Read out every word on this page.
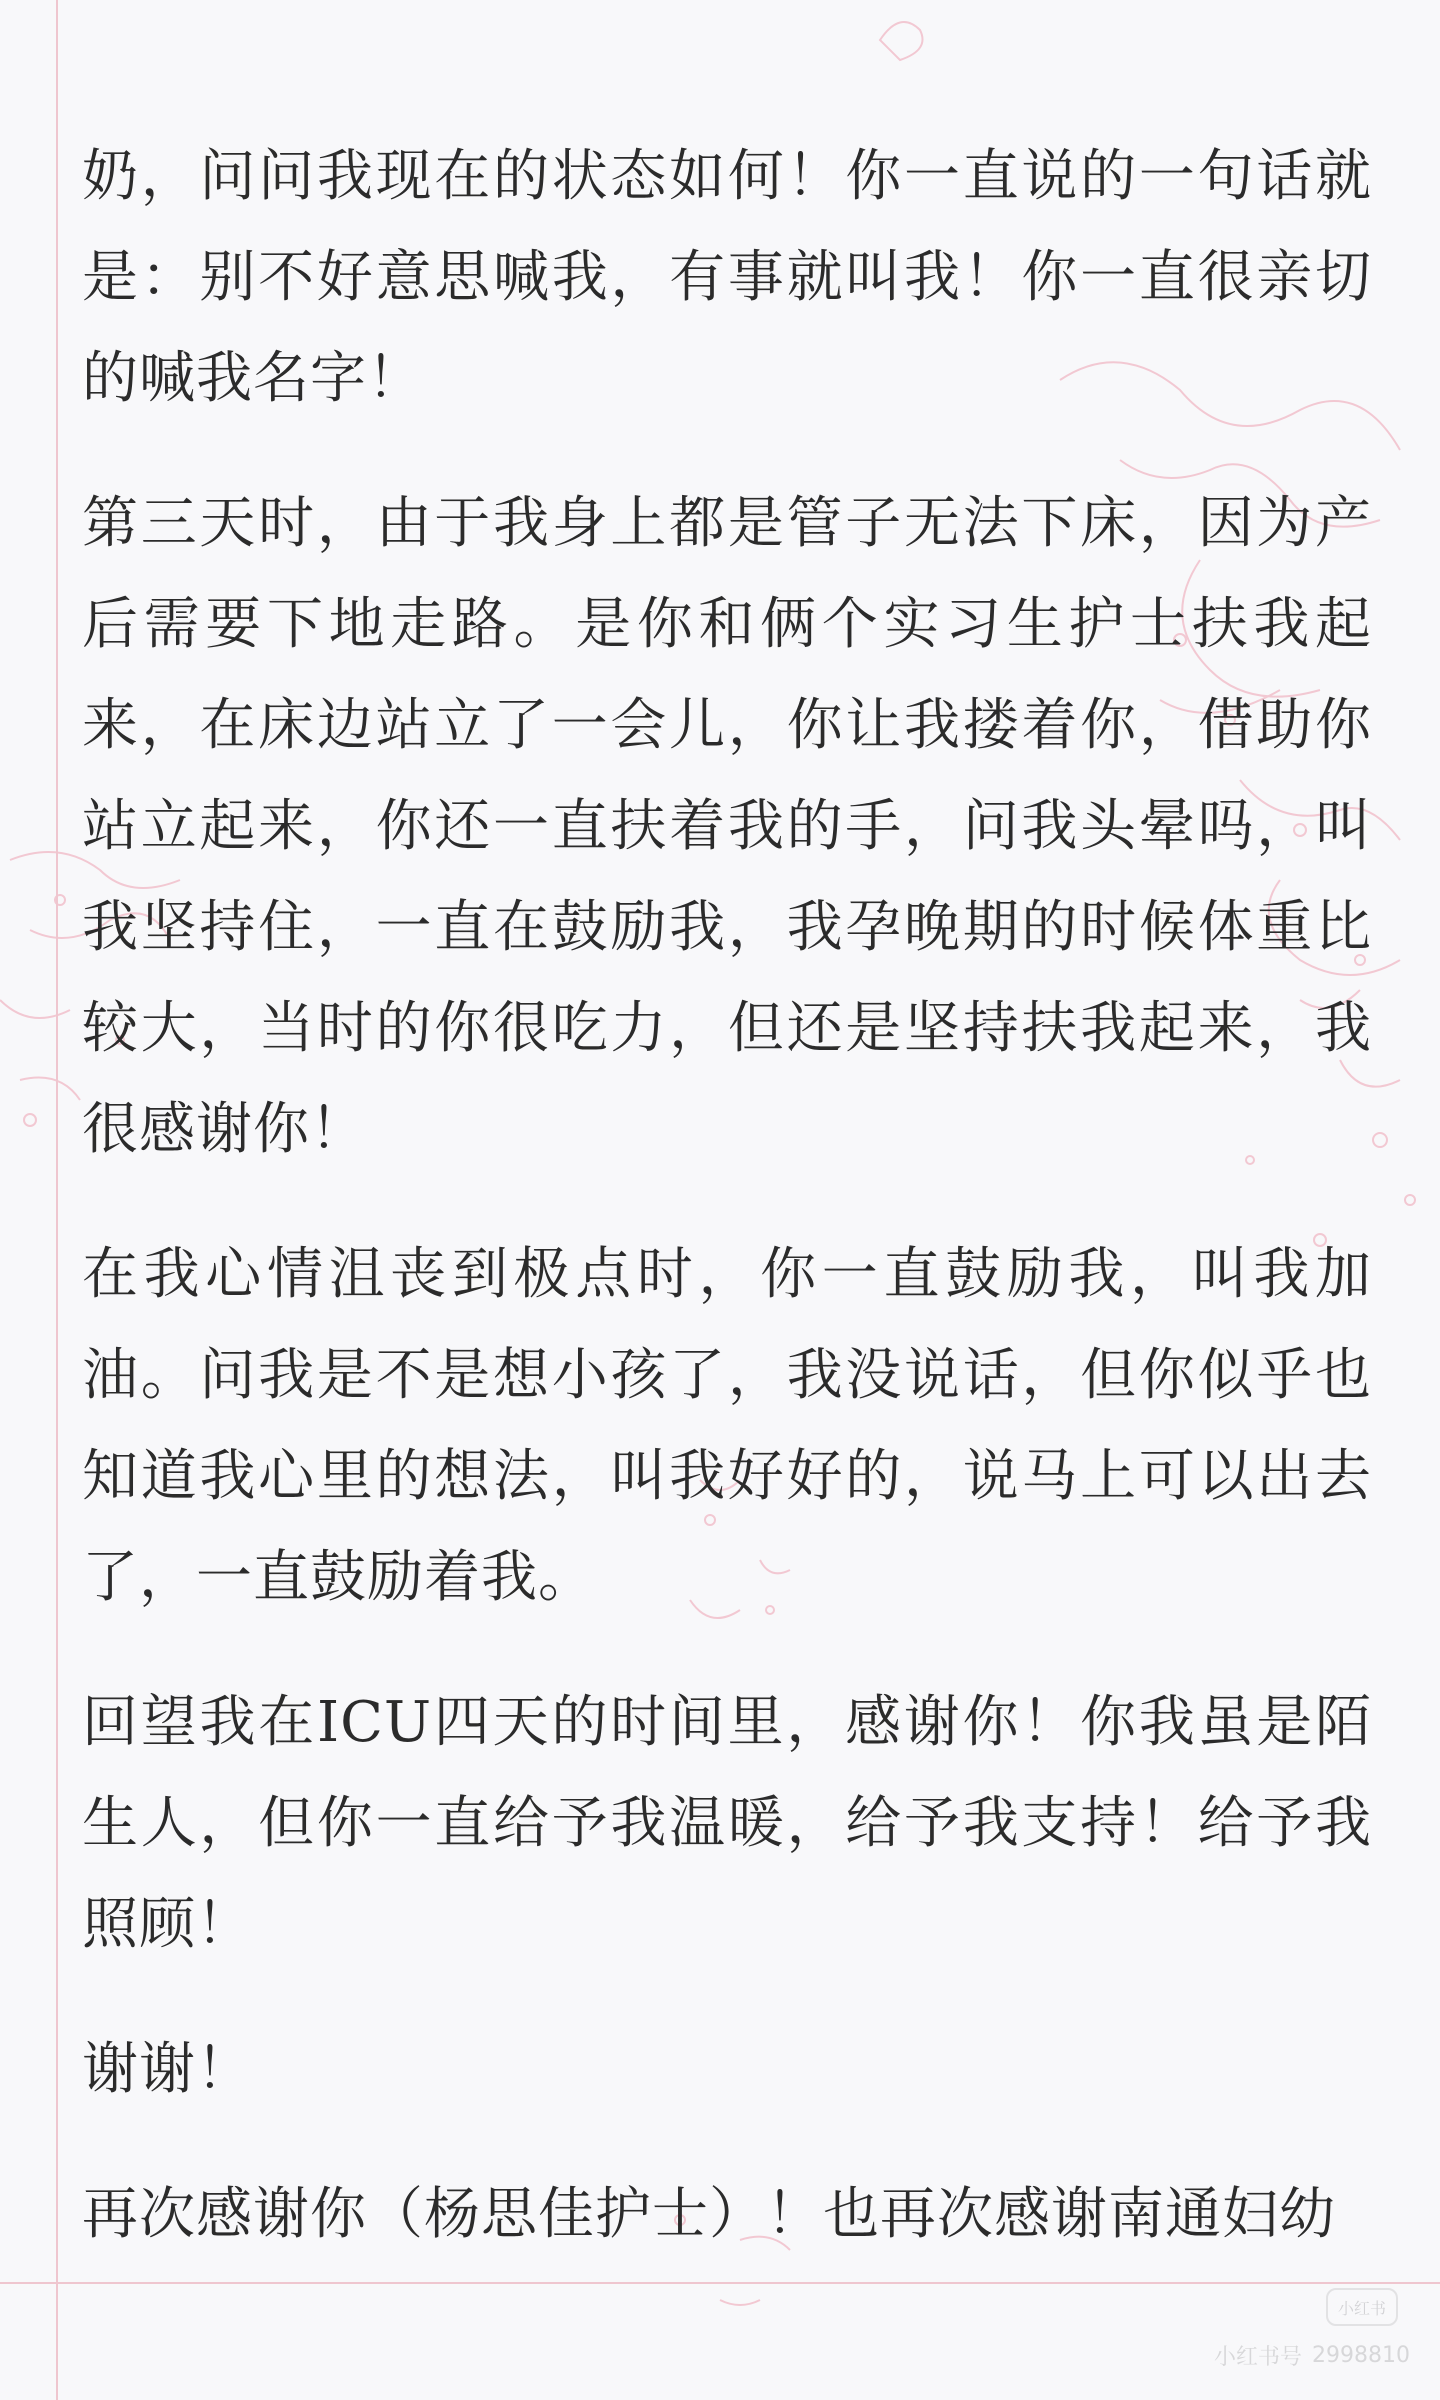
奶，问问我现在的状态如何！你一直说的一句话就是：别不好意思喊我，有事就叫我！你一直很亲切的喊我名字！

第三天时，由于我身上都是管子无法下床，因为产后需要下地走路。是你和俩个实习生护士扶我起来，在床边站立了一会儿，你让我搂着你，借助你站立起来，你还一直扶着我的手，问我头晕吗，叫我坚持住，一直在鼓励我，我孕晚期的时候体重比较大，当时的你很吃力，但还是坚持扶我起来，我很感谢你！

在我心情沮丧到极点时，你一直鼓励我，叫我加油。问我是不是想小孩了，我没说话，但你似乎也知道我心里的想法，叫我好好的，说马上可以出去了，一直鼓励着我。

回望我在ICU四天的时间里，感谢你！你我虽是陌生人，但你一直给予我温暖，给予我支持！给予我照顾！

谢谢！

再次感谢你（杨思佳护士）！也再次感谢南通妇幼

小红书
小红书号 2998810
